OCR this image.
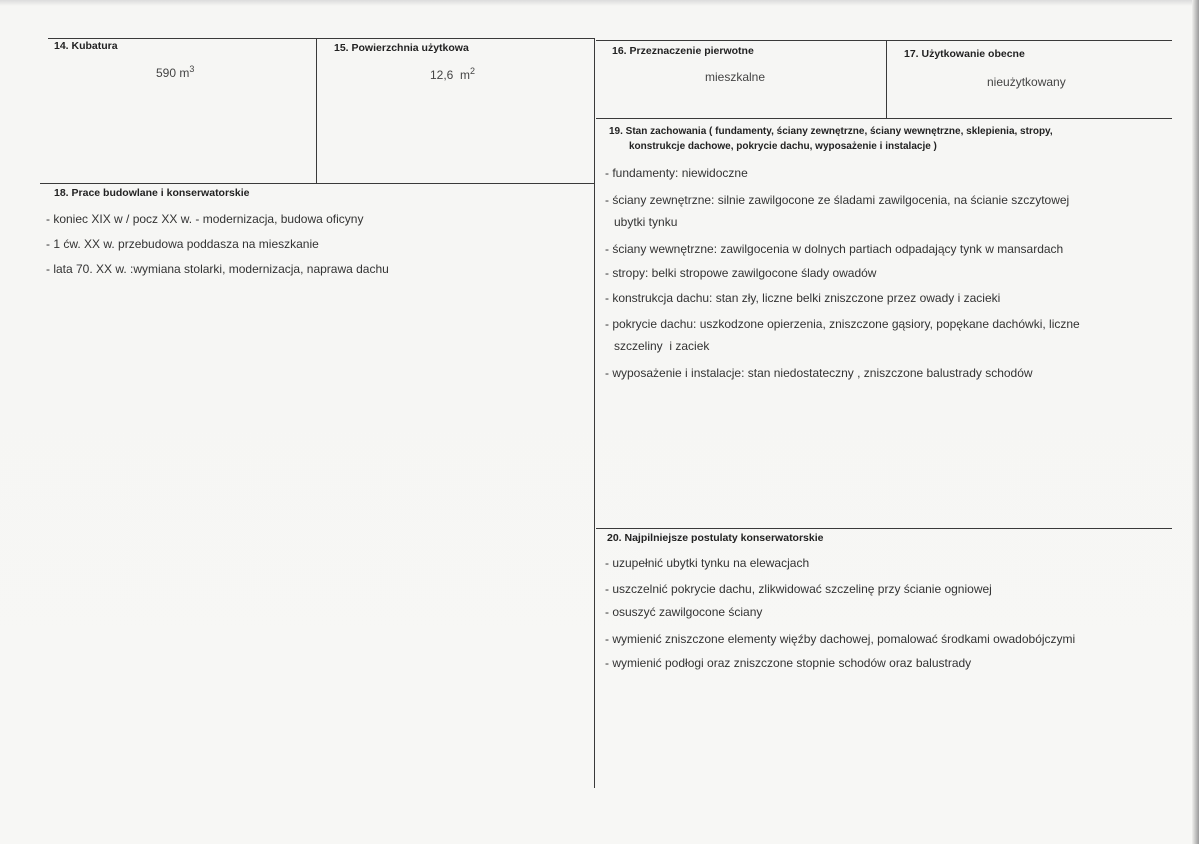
14. Kubatura
590 $m^3$
15. Powierzchnia użytkowa
12,6  $m^2$
16. Przeznaczenie pierwotne
mieszkalne
17. Użytkowanie obecne
nieużytkowany
18. Prace budowlane i konserwatorskie
- koniec XIX w / pocz XX w. - modernizacja, budowa oficyny
- 1 ćw. XX w. przebudowa poddasza na mieszkanie
- lata 70. XX w. :wymiana stolarki, modernizacja, naprawa dachu
19. Stan zachowania ( fundamenty, ściany zewnętrzne, ściany wewnętrzne, sklepienia, stropy,
konstrukcje dachowe, pokrycie dachu, wyposażenie i instalacje )
- fundamenty: niewidoczne
- ściany zewnętrzne: silnie zawilgocone ze śladami zawilgocenia, na ścianie szczytowej
ubytki tynku
- ściany wewnętrzne: zawilgocenia w dolnych partiach odpadający tynk w mansardach
- stropy: belki stropowe zawilgocone ślady owadów
- konstrukcja dachu: stan zły, liczne belki zniszczone przez owady i zacieki
- pokrycie dachu: uszkodzone opierzenia, zniszczone gąsiory, popękane dachówki, liczne
szczeliny  i zaciek
- wyposażenie i instalacje: stan niedostateczny , zniszczone balustrady schodów
20. Najpilniejsze postulaty konserwatorskie
- uzupełnić ubytki tynku na elewacjach
- uszczelnić pokrycie dachu, zlikwidować szczelinę przy ścianie ogniowej
- osuszyć zawilgocone ściany
- wymienić zniszczone elementy więźby dachowej, pomalować środkami owadobójczymi
- wymienić podłogi oraz zniszczone stopnie schodów oraz balustrady
